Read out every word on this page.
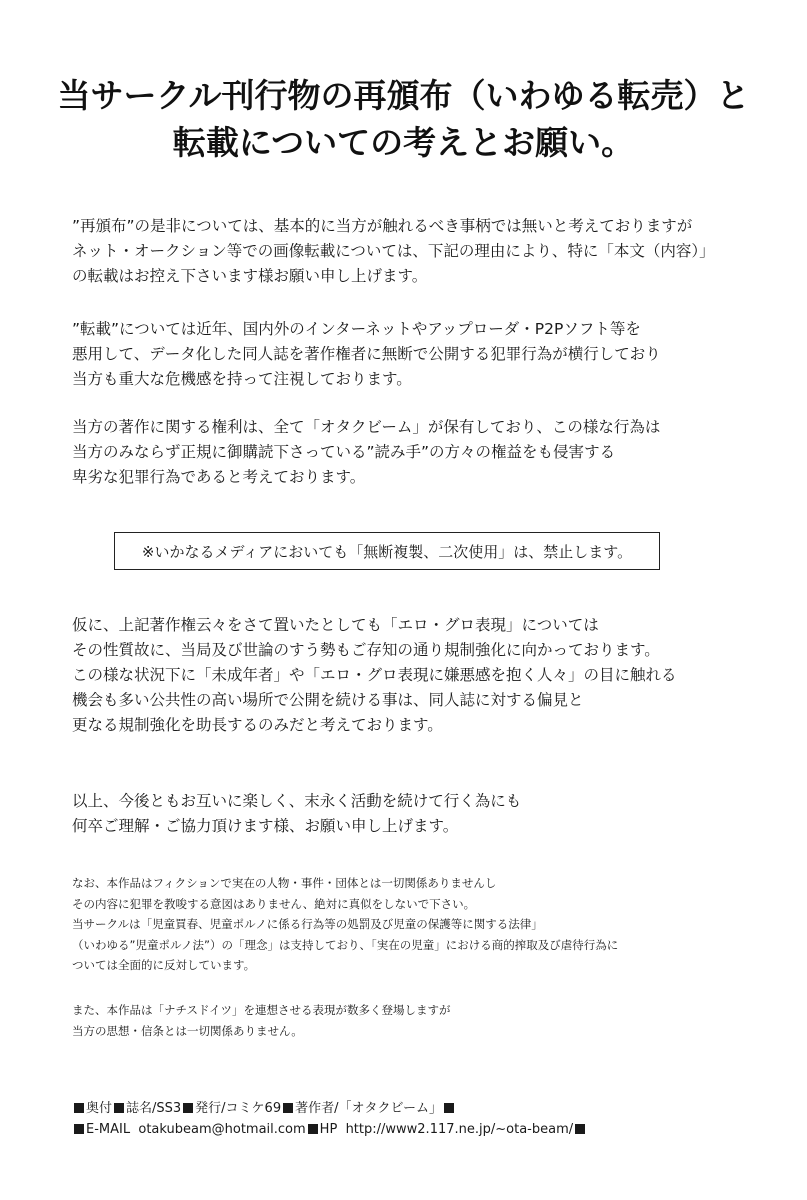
当サークル刊行物の再頒布（いわゆる転売）と
転載についての考えとお願い。
”再頒布”の是非については、基本的に当方が触れるべき事柄では無いと考えておりますが
ネット・オークション等での画像転載については、下記の理由により、特に「本文（内容）」
の転載はお控え下さいます様お願い申し上げます。
”転載”については近年、国内外のインターネットやアップローダ・P2Pソフト等を
悪用して、データ化した同人誌を著作権者に無断で公開する犯罪行為が横行しており
当方も重大な危機感を持って注視しております。
当方の著作に関する権利は、全て「オタクビーム」が保有しており、この様な行為は
当方のみならず正規に御購読下さっている”読み手”の方々の権益をも侵害する
卑劣な犯罪行為であると考えております。
※いかなるメディアにおいても「無断複製、二次使用」は、禁止します。
仮に、上記著作権云々をさて置いたとしても「エロ・グロ表現」については
その性質故に、当局及び世論のすう勢もご存知の通り規制強化に向かっております。
この様な状況下に「未成年者」や「エロ・グロ表現に嫌悪感を抱く人々」の目に触れる
機会も多い公共性の高い場所で公開を続ける事は、同人誌に対する偏見と
更なる規制強化を助長するのみだと考えております。
以上、今後ともお互いに楽しく、末永く活動を続けて行く為にも
何卒ご理解・ご協力頂けます様、お願い申し上げます。
なお、本作品はフィクションで実在の人物・事件・団体とは一切関係ありませんし
その内容に犯罪を教唆する意図はありません、絶対に真似をしないで下さい。
当サークルは「児童買春、児童ポルノに係る行為等の処罰及び児童の保護等に関する法律」
（いわゆる”児童ポルノ法”）の「理念」は支持しており、「実在の児童」における商的搾取及び虐待行為に
ついては全面的に反対しています。
また、本作品は「ナチスドイツ」を連想させる表現が数多く登場しますが
当方の思想・信条とは一切関係ありません。
奥付 誌名/SS3 発行/コミケ69 著作者/「オタクビーム」
E-MAIL otakubeam@hotmail.com HP http://www2.117.ne.jp/~ota-beam/
